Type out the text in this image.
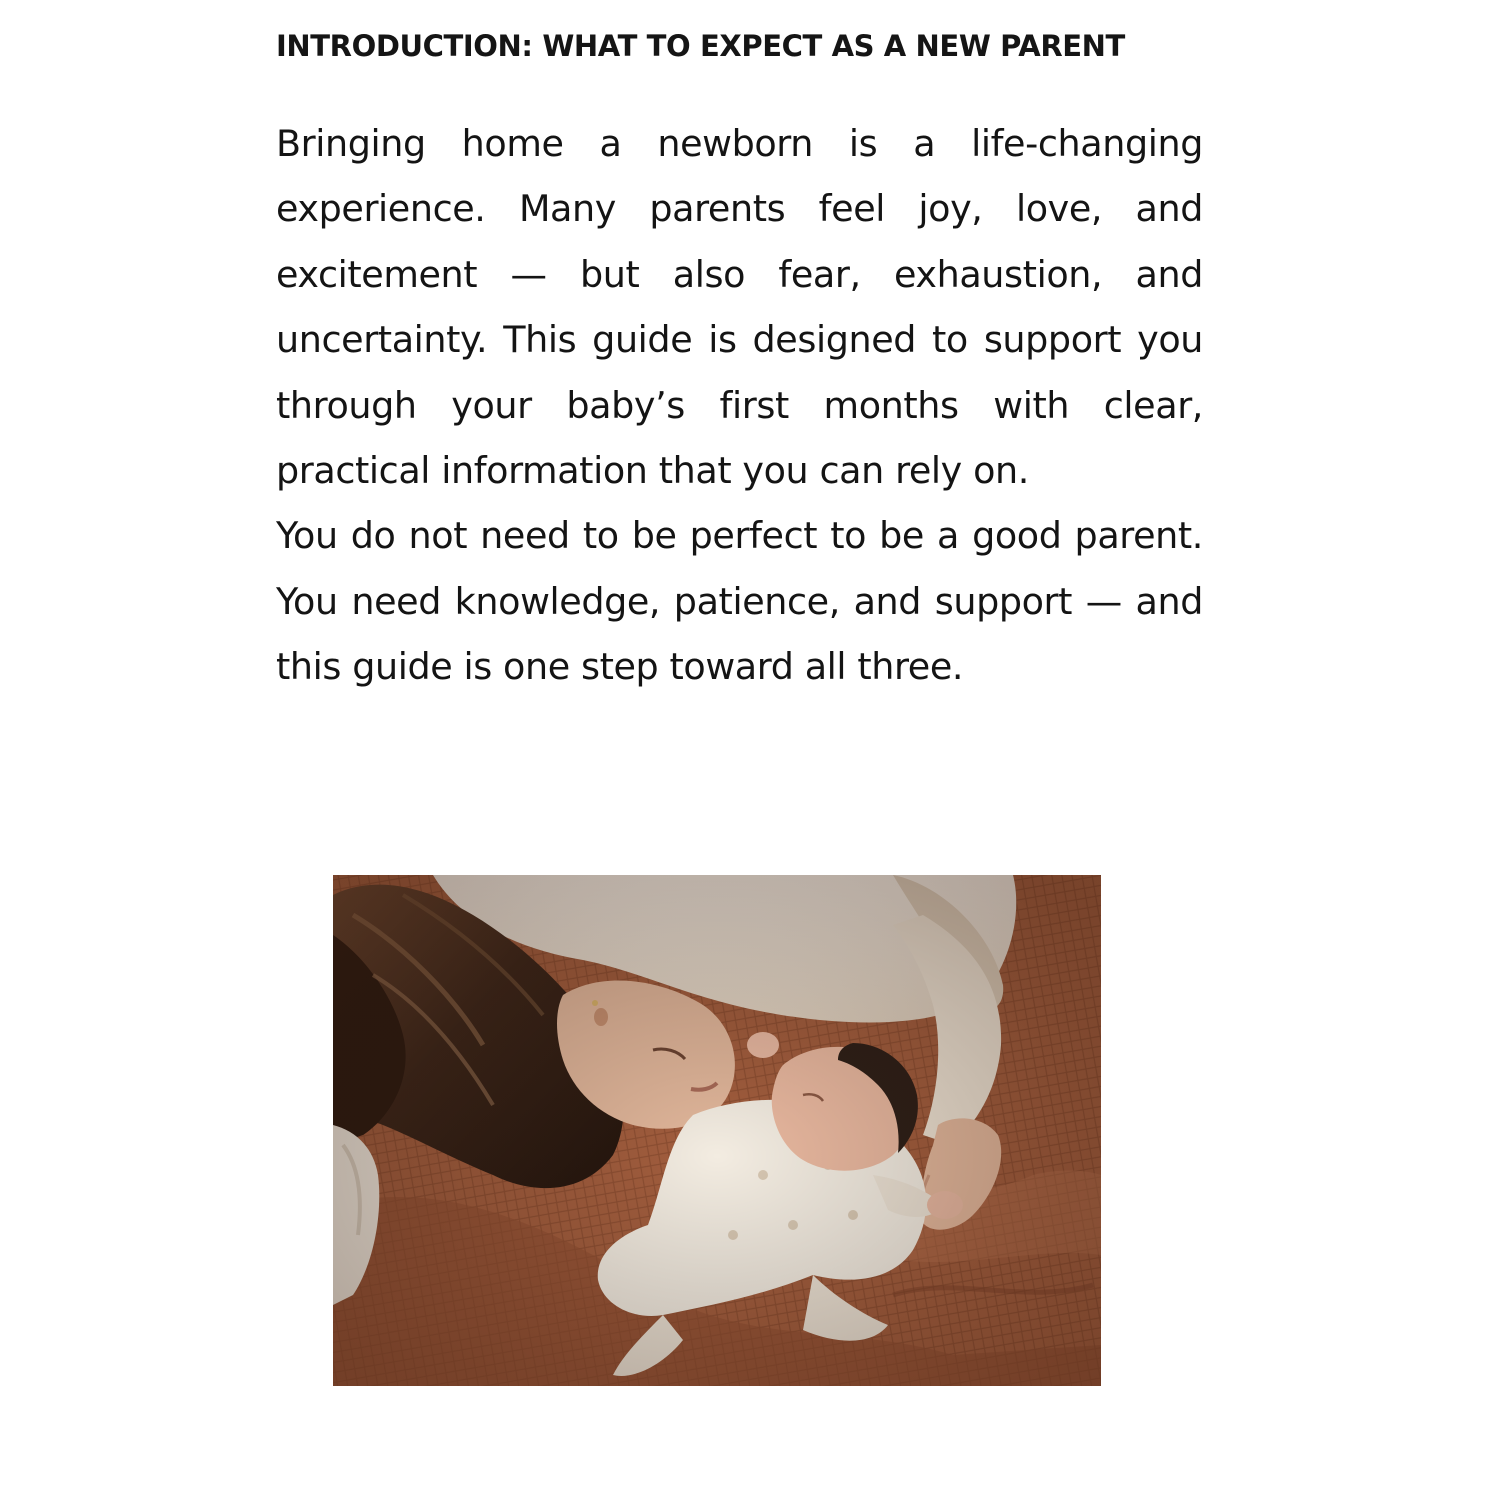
INTRODUCTION: WHAT TO EXPECT AS A NEW PARENT

Bringing home a newborn is a life-changing experience. Many parents feel joy, love, and excitement — but also fear, exhaustion, and uncertainty. This guide is designed to support you through your baby’s first months with clear, practical information that you can rely on.

You do not need to be perfect to be a good parent. You need knowledge, patience, and support — and this guide is one step toward all three.
